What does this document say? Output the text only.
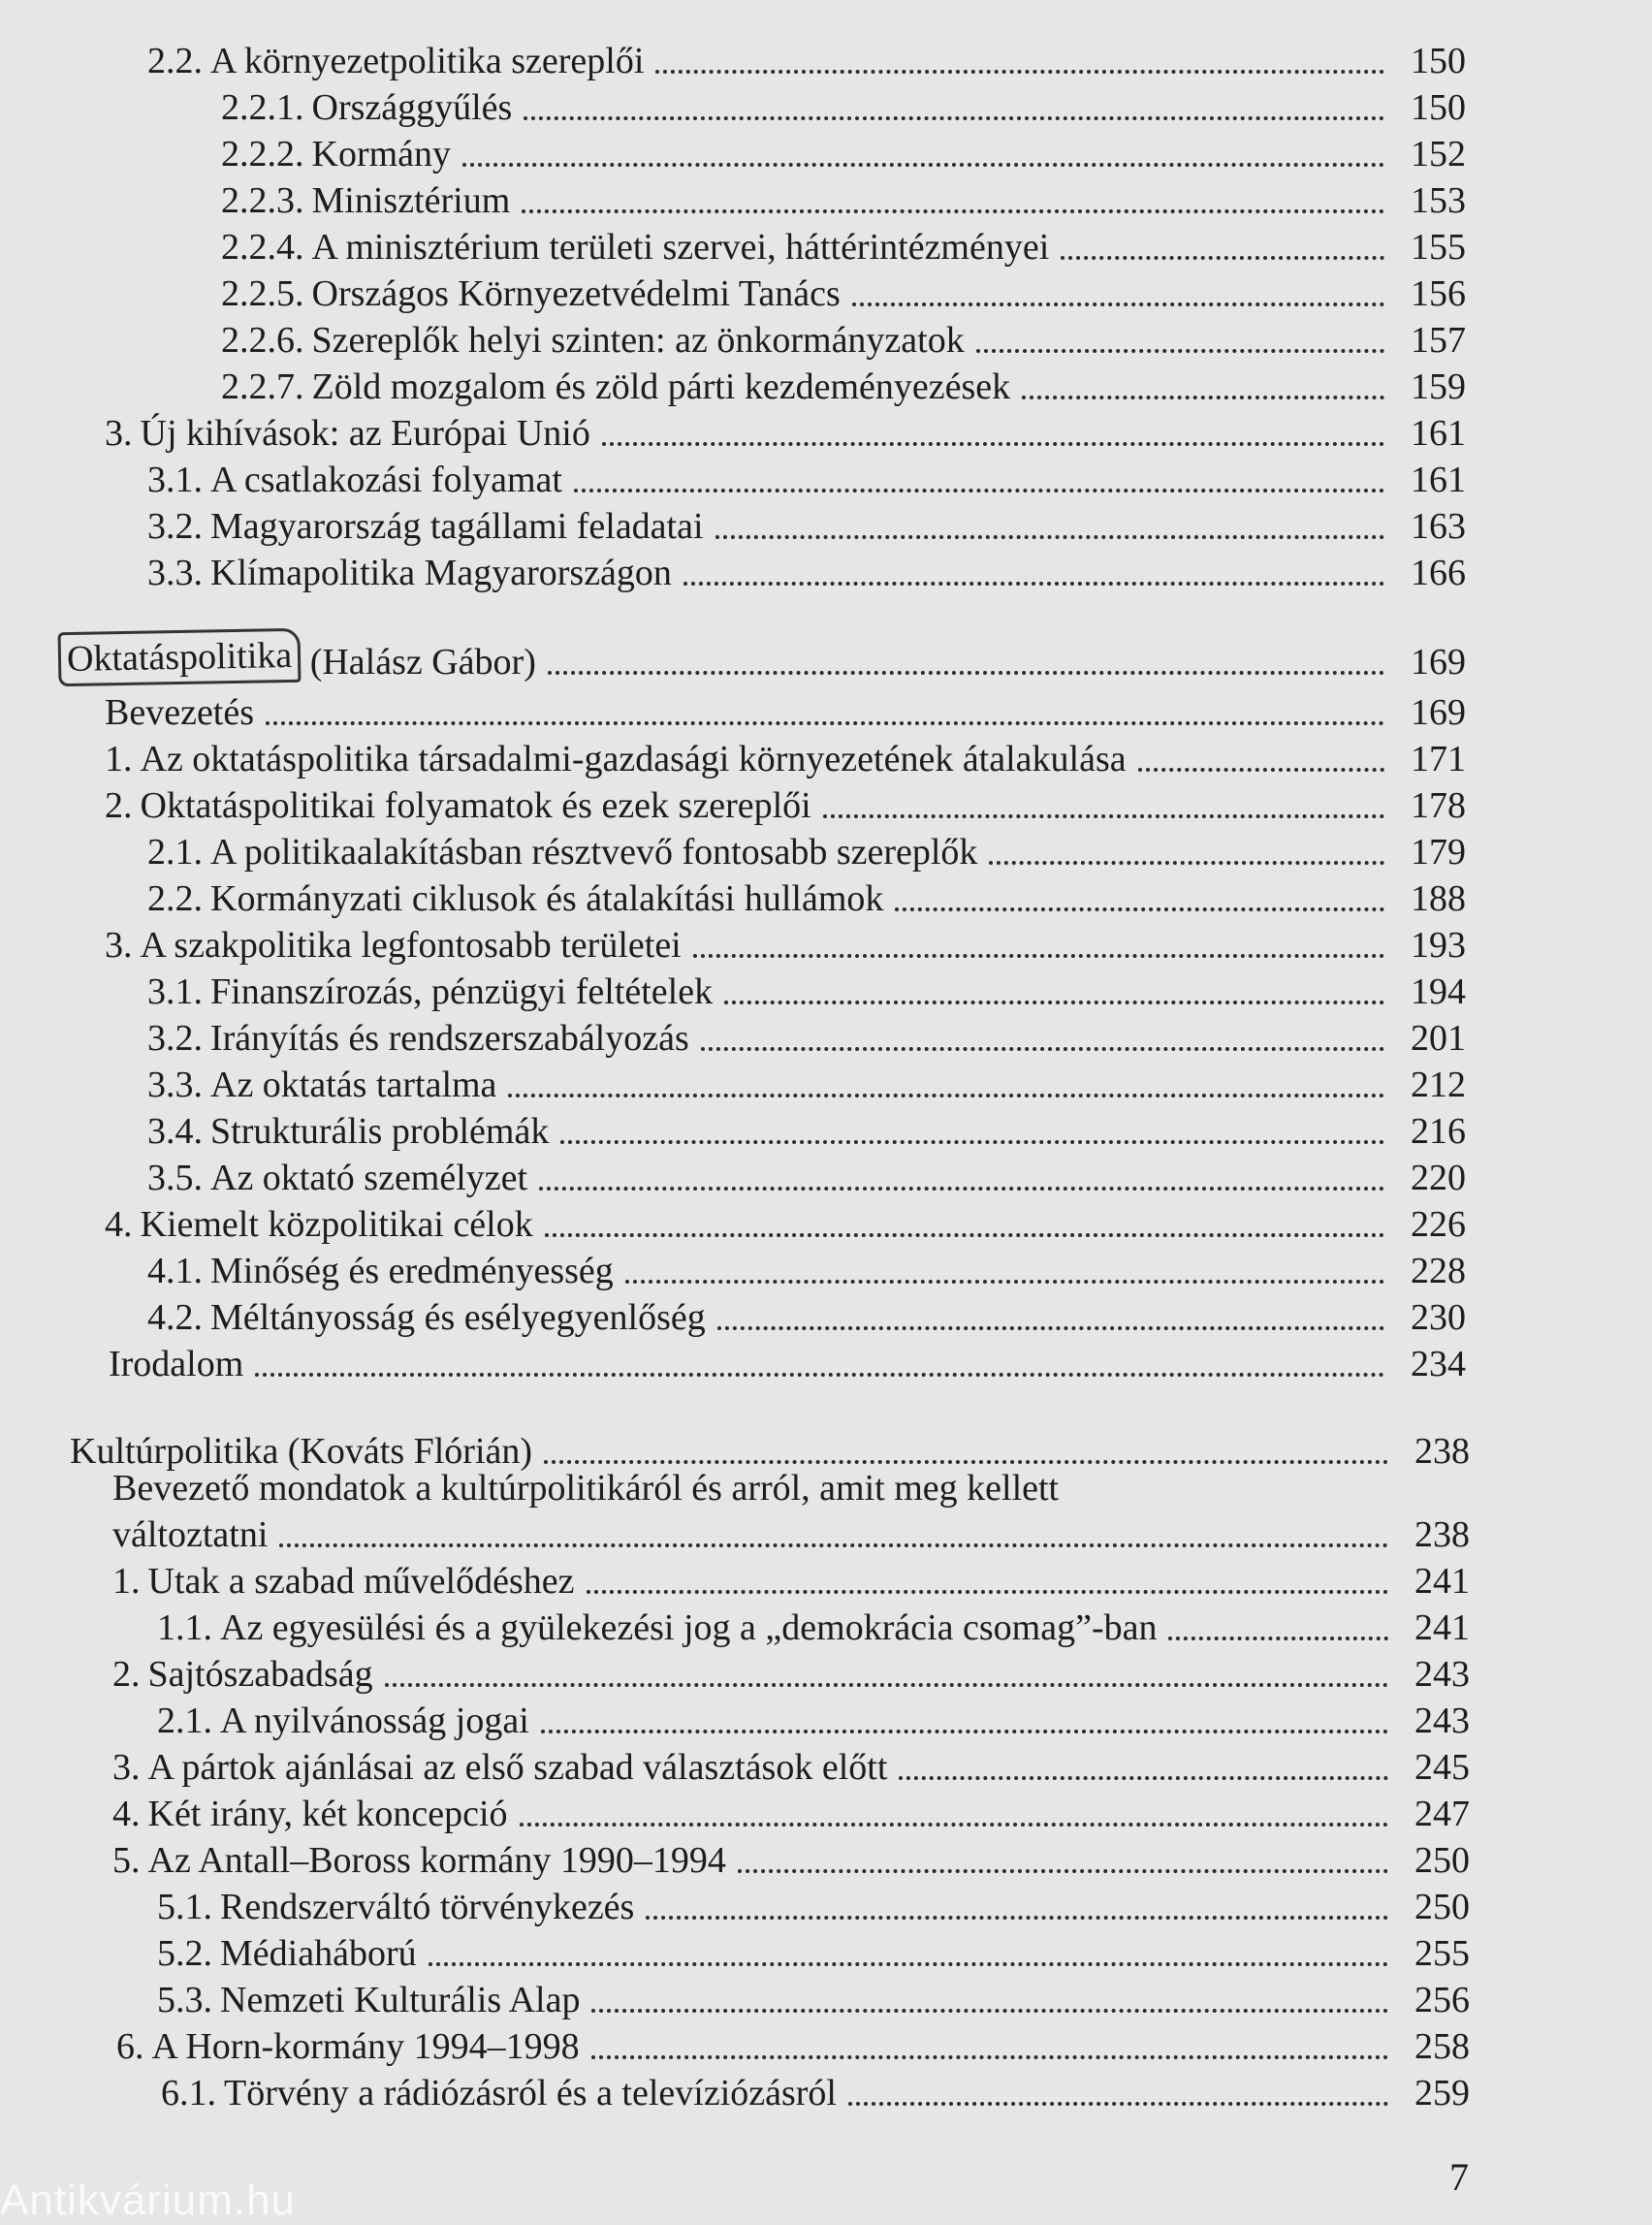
2.2. A környezetpolitika szereplői	150
2.2.1. Országgyűlés	150
2.2.2. Kormány	152
2.2.3. Minisztérium	153
2.2.4. A minisztérium területi szervei, háttérintézményei	155
2.2.5. Országos Környezetvédelmi Tanács	156
2.2.6. Szereplők helyi szinten: az önkormányzatok	157
2.2.7. Zöld mozgalom és zöld párti kezdeményezések	159
3. Új kihívások: az Európai Unió	161
3.1. A csatlakozási folyamat	161
3.2. Magyarország tagállami feladatai	163
3.3. Klímapolitika Magyarországon	166
Oktatáspolitika
(Halász Gábor)	169
Bevezetés	169
1. Az oktatáspolitika társadalmi-gazdasági környezetének átalakulása	171
2. Oktatáspolitikai folyamatok és ezek szereplői	178
2.1. A politikaalakításban résztvevő fontosabb szereplők	179
2.2. Kormányzati ciklusok és átalakítási hullámok	188
3. A szakpolitika legfontosabb területei	193
3.1. Finanszírozás, pénzügyi feltételek	194
3.2. Irányítás és rendszerszabályozás	201
3.3. Az oktatás tartalma	212
3.4. Strukturális problémák	216
3.5. Az oktató személyzet	220
4. Kiemelt közpolitikai célok	226
4.1. Minőség és eredményesség	228
4.2. Méltányosság és esélyegyenlőség	230
Irodalom	234
Kultúrpolitika (Kováts Flórián)	238
Bevezető mondatok a kultúrpolitikáról és arról, amit meg kellett
változtatni	238
1. Utak a szabad művelődéshez	241
1.1. Az egyesülési és a gyülekezési jog a „demokrácia csomag”-ban	241
2. Sajtószabadság	243
2.1. A nyilvánosság jogai	243
3. A pártok ajánlásai az első szabad választások előtt	245
4. Két irány, két koncepció	247
5. Az Antall–Boross kormány 1990–1994	250
5.1. Rendszerváltó törvénykezés	250
5.2. Médiaháború	255
5.3. Nemzeti Kulturális Alap	256
6. A Horn-kormány 1994–1998	258
6.1. Törvény a rádiózásról és a televíziózásról	259
7
Antikvárium.hu
